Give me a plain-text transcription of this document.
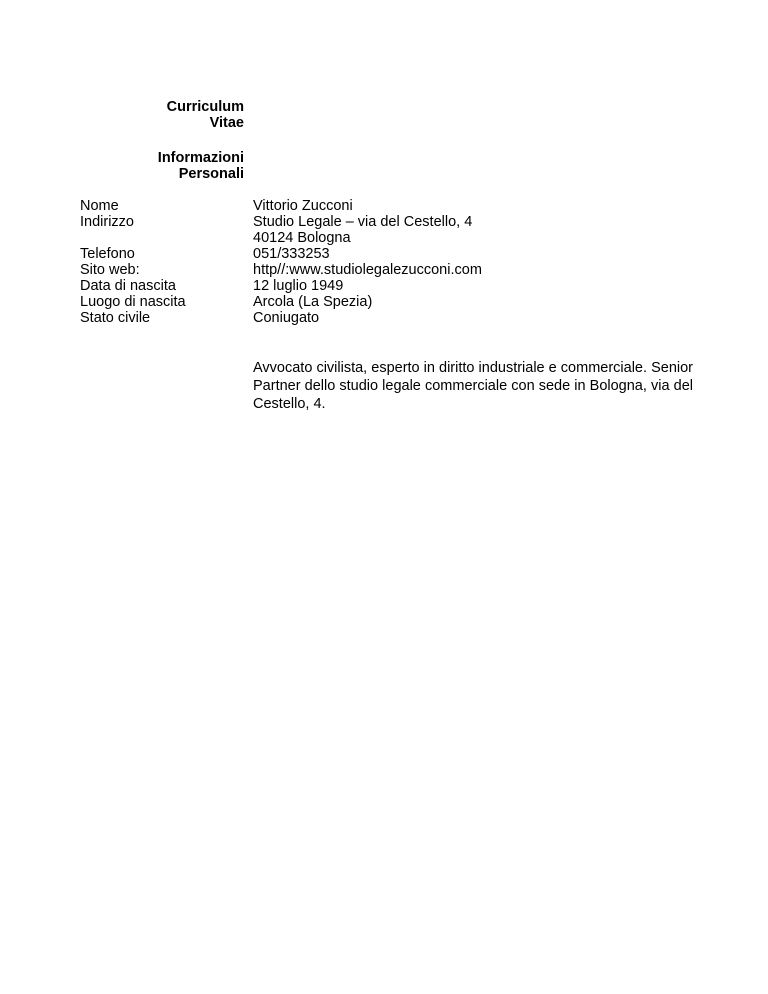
Curriculum
Vitae
Informazioni
Personali
Nome
Indirizzo
Telefono
Sito web:
Data di nascita
Luogo di nascita
Stato civile
Vittorio Zucconi
Studio Legale – via del Cestello, 4
40124 Bologna
051/333253
http//:www.studiolegalezucconi.com
12 luglio 1949
Arcola (La Spezia)
Coniugato

Avvocato civilista, esperto in diritto industriale e commerciale. Senior Partner dello studio legale commerciale con sede in Bologna, via del Cestello, 4.
